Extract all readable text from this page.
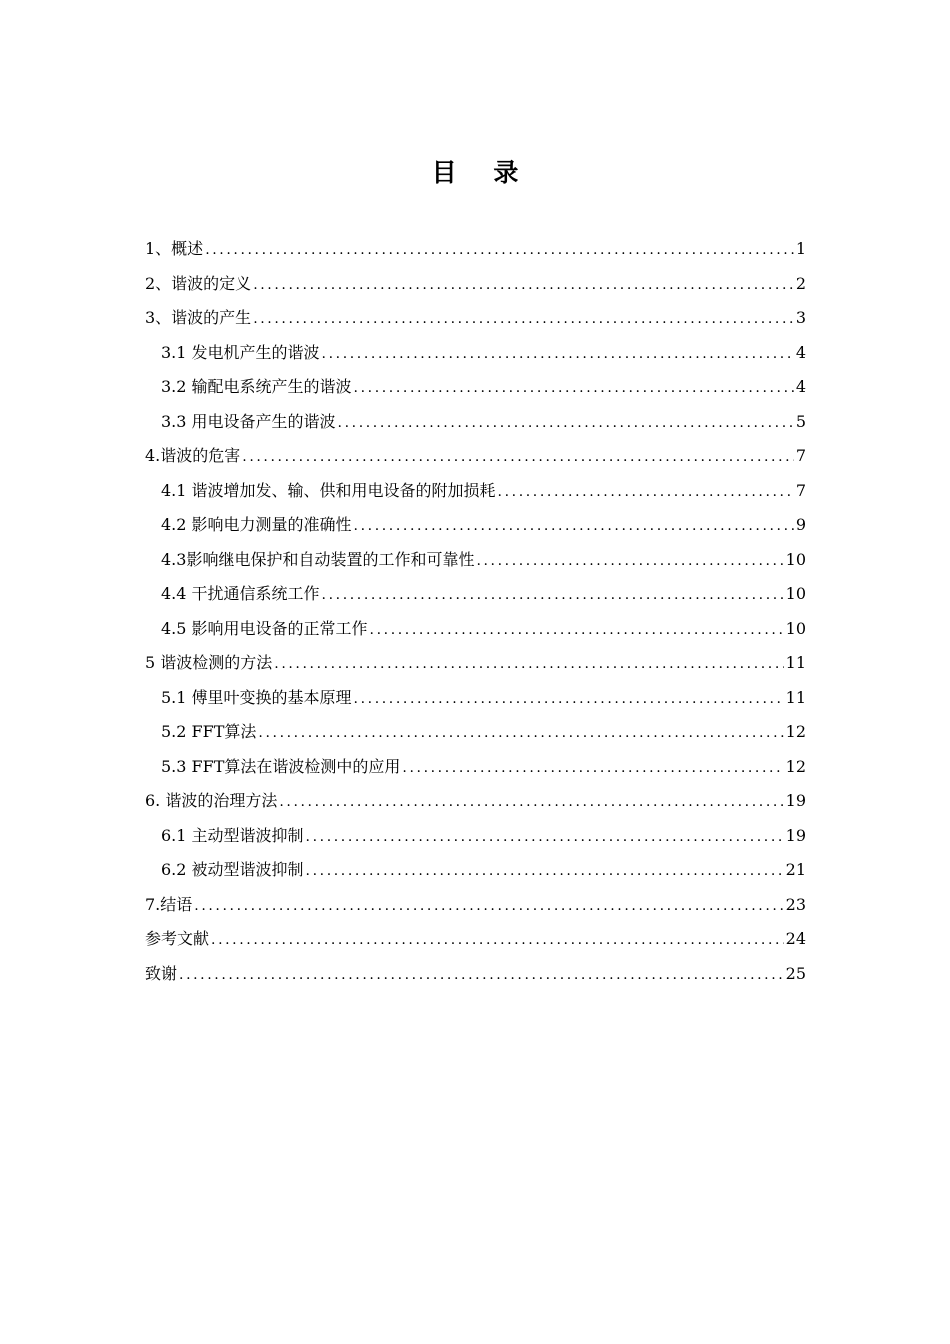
目 录
1、概述 .....	1
2、谐波的定义 .....	2
3、谐波的产生 .....	3
3.1 发电机产生的谐波 .....	4
3.2 输配电系统产生的谐波 .....	4
3.3 用电设备产生的谐波 .....	5
4.谐波的危害 .....	7
4.1 谐波增加发、输、供和用电设备的附加损耗 .....	7
4.2 影响电力测量的准确性 .....	9
4.3影响继电保护和自动装置的工作和可靠性 .....	10
4.4 干扰通信系统工作 .....	10
4.5 影响用电设备的正常工作 .....	10
5 谐波检测的方法 .....	11
5.1 傅里叶变换的基本原理 .....	11
5.2 FFT算法 .....	12
5.3 FFT算法在谐波检测中的应用 .....	12
6. 谐波的治理方法 .....	19
6.1 主动型谐波抑制 .....	19
6.2 被动型谐波抑制 .....	21
7.结语 .....	23
参考文献 .....	24
致谢 .....	25
